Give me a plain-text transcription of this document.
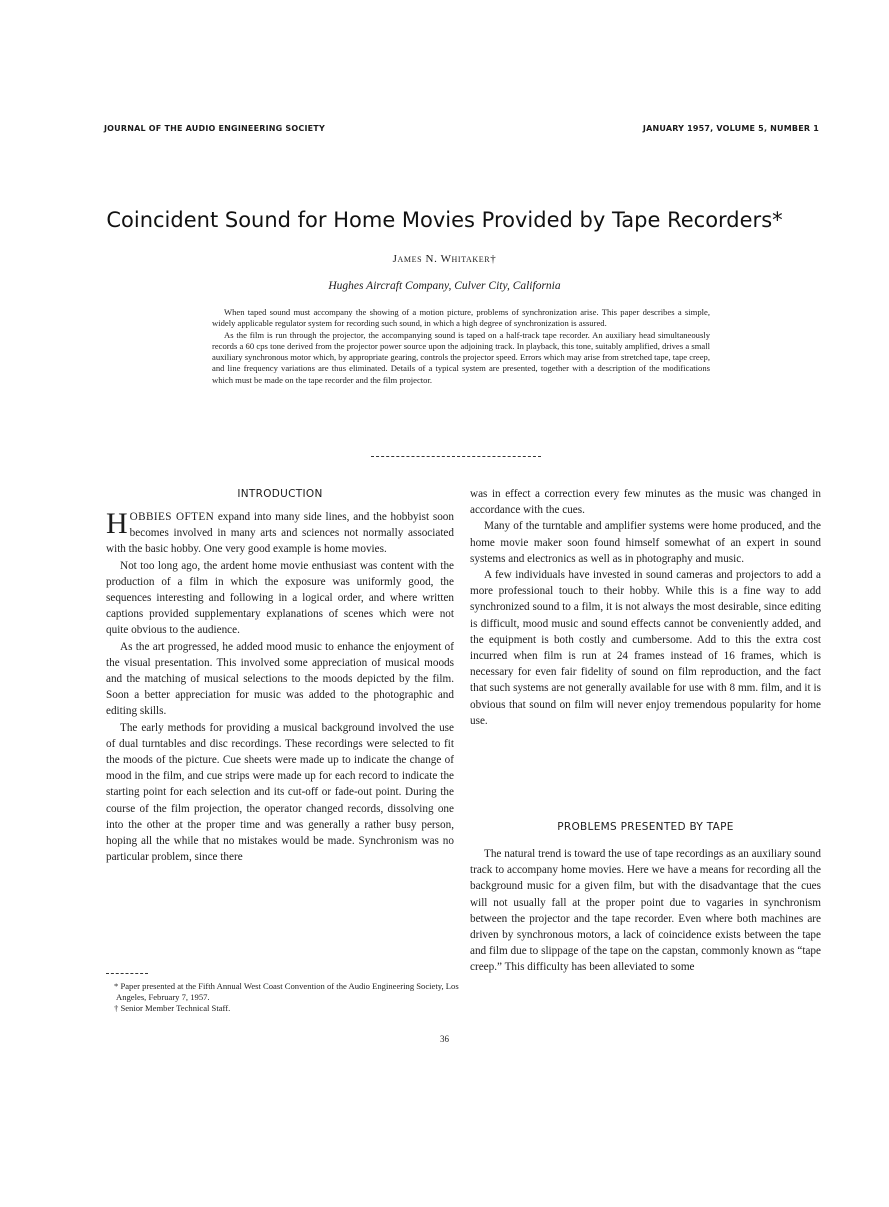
JOURNAL OF THE AUDIO ENGINEERING SOCIETY	JANUARY 1957, VOLUME 5, NUMBER 1
Coincident Sound for Home Movies Provided by Tape Recorders*
James N. Whitaker†
Hughes Aircraft Company, Culver City, California

When taped sound must accompany the showing of a motion picture, problems of synchronization arise. This paper describes a simple, widely applicable regulator system for recording such sound, in which a high degree of synchronization is assured.

As the film is run through the projector, the accompanying sound is taped on a half-track tape recorder. An auxiliary head simultaneously records a 60 cps tone derived from the projector power source upon the adjoining track. In playback, this tone, suitably amplified, drives a small auxiliary synchronous motor which, by appropriate gearing, controls the projector speed. Errors which may arise from stretched tape, tape creep, and line frequency variations are thus eliminated. Details of a typical system are presented, together with a description of the modifications which must be made on the tape recorder and the film projector.

INTRODUCTION

HOBBIES OFTEN expand into many side lines, and the hobbyist soon becomes involved in many arts and sciences not normally associated with the basic hobby. One very good example is home movies.

Not too long ago, the ardent home movie enthusiast was content with the production of a film in which the exposure was uniformly good, the sequences interesting and following in a logical order, and where written captions provided supplementary explanations of scenes which were not quite obvious to the audience.

As the art progressed, he added mood music to enhance the enjoyment of the visual presentation. This involved some appreciation of musical moods and the matching of musical selections to the moods depicted by the film. Soon a better appreciation for music was added to the photographic and editing skills.

The early methods for providing a musical background involved the use of dual turntables and disc recordings. These recordings were selected to fit the moods of the picture. Cue sheets were made up to indicate the change of mood in the film, and cue strips were made up for each record to indicate the starting point for each selection and its cut-off or fade-out point. During the course of the film projection, the operator changed records, dissolving one into the other at the proper time and was generally a rather busy person, hoping all the while that no mistakes would be made. Synchronism was no particular problem, since there

was in effect a correction every few minutes as the music was changed in accordance with the cues.

Many of the turntable and amplifier systems were home produced, and the home movie maker soon found himself somewhat of an expert in sound systems and electronics as well as in photography and music.

A few individuals have invested in sound cameras and projectors to add a more professional touch to their hobby. While this is a fine way to add synchronized sound to a film, it is not always the most desirable, since editing is difficult, mood music and sound effects cannot be conveniently added, and the equipment is both costly and cumbersome. Add to this the extra cost incurred when film is run at 24 frames instead of 16 frames, which is necessary for even fair fidelity of sound on film reproduction, and the fact that such systems are not generally available for use with 8 mm. film, and it is obvious that sound on film will never enjoy tremendous popularity for home use.

PROBLEMS PRESENTED BY TAPE

The natural trend is toward the use of tape recordings as an auxiliary sound track to accompany home movies. Here we have a means for recording all the background music for a given film, but with the disadvantage that the cues will not usually fall at the proper point due to vagaries in synchronism between the projector and the tape recorder. Even where both machines are driven by synchronous motors, a lack of coincidence exists between the tape and film due to slippage of the tape on the capstan, commonly known as “tape creep.” This difficulty has been alleviated to some

* Paper presented at the Fifth Annual West Coast Convention of the Audio Engineering Society, Los Angeles, February 7, 1957.

† Senior Member Technical Staff.

36
